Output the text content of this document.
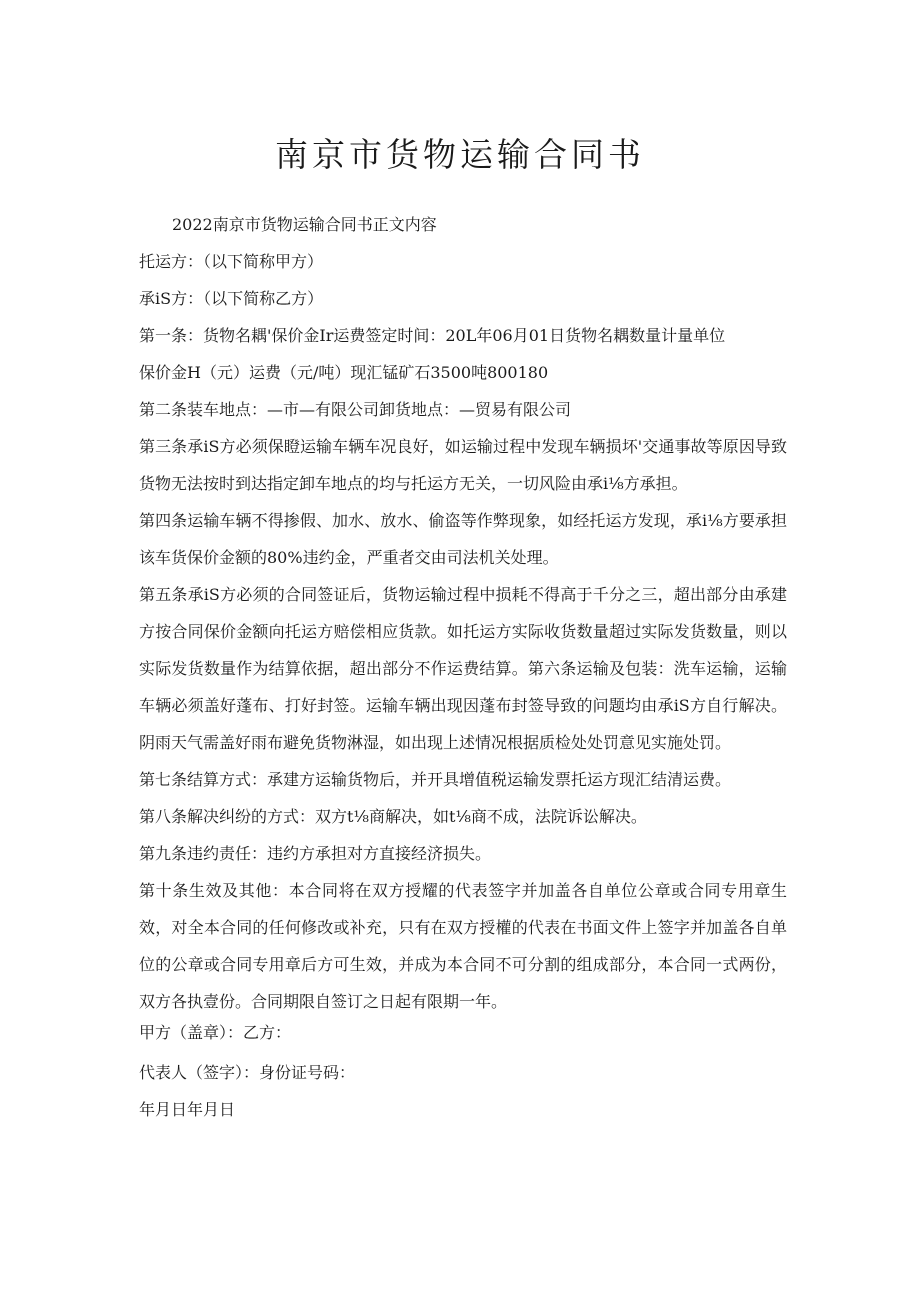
南京市货物运输合同书

2022南京市货物运输合同书正文内容

托运方：（以下简称甲方）

承iS方：（以下简称乙方）

第一条：货物名耦'保价金Ir运费签定时间：20L年06月01日货物名耦数量计量单位

保价金H（元）运费（元/吨）现汇锰矿石3500吨800180

第二条装车地点：—市—有限公司卸货地点：—贸易有限公司

第三条承iS方必须保瞪运输车辆车况良好，如运输过程中发现车辆损坏'交通事故等原因导致货物无法按时到达指定卸车地点的均与托运方无关，一切风险由承i⅛方承担。

第四条运输车辆不得掺假、加水、放水、偷盗等作弊现象，如经托运方发现，承i⅛方要承担该车货保价金额的80%违约金，严重者交由司法机关处理。

第五条承iS方必须的合同签证后，货物运输过程中损耗不得高于千分之三，超出部分由承建方按合同保价金额向托运方赔偿相应货款。如托运方实际收货数量超过实际发货数量，则以实际发货数量作为结算依据，超出部分不作运费结算。第六条运输及包装：洗车运输，运输车辆必须盖好蓬布、打好封签。运输车辆出现因蓬布封签导致的问题均由承iS方自行解决。阴雨天气需盖好雨布避免货物淋湿，如出现上述情况根据质检处处罚意见实施处罚。

第七条结算方式：承建方运输货物后，并开具增值税运输发票托运方现汇结清运费。

第八条解决纠纷的方式：双方t⅛商解决，如t⅛商不成，法院诉讼解决。

第九条违约责任：违约方承担对方直接经济损失。

第十条生效及其他：本合同将在双方授耀的代表签字并加盖各自单位公章或合同专用章生效，对全本合同的任何修改或补充，只有在双方授權的代表在书面文件上签字并加盖各自单位的公章或合同专用章后方可生效，并成为本合同不可分割的组成部分，本合同一式两份，双方各执壹份。合同期限自签订之日起有限期一年。

甲方（盖章）：乙方：

代表人（签字）：身份证号码：

年月日年月日
